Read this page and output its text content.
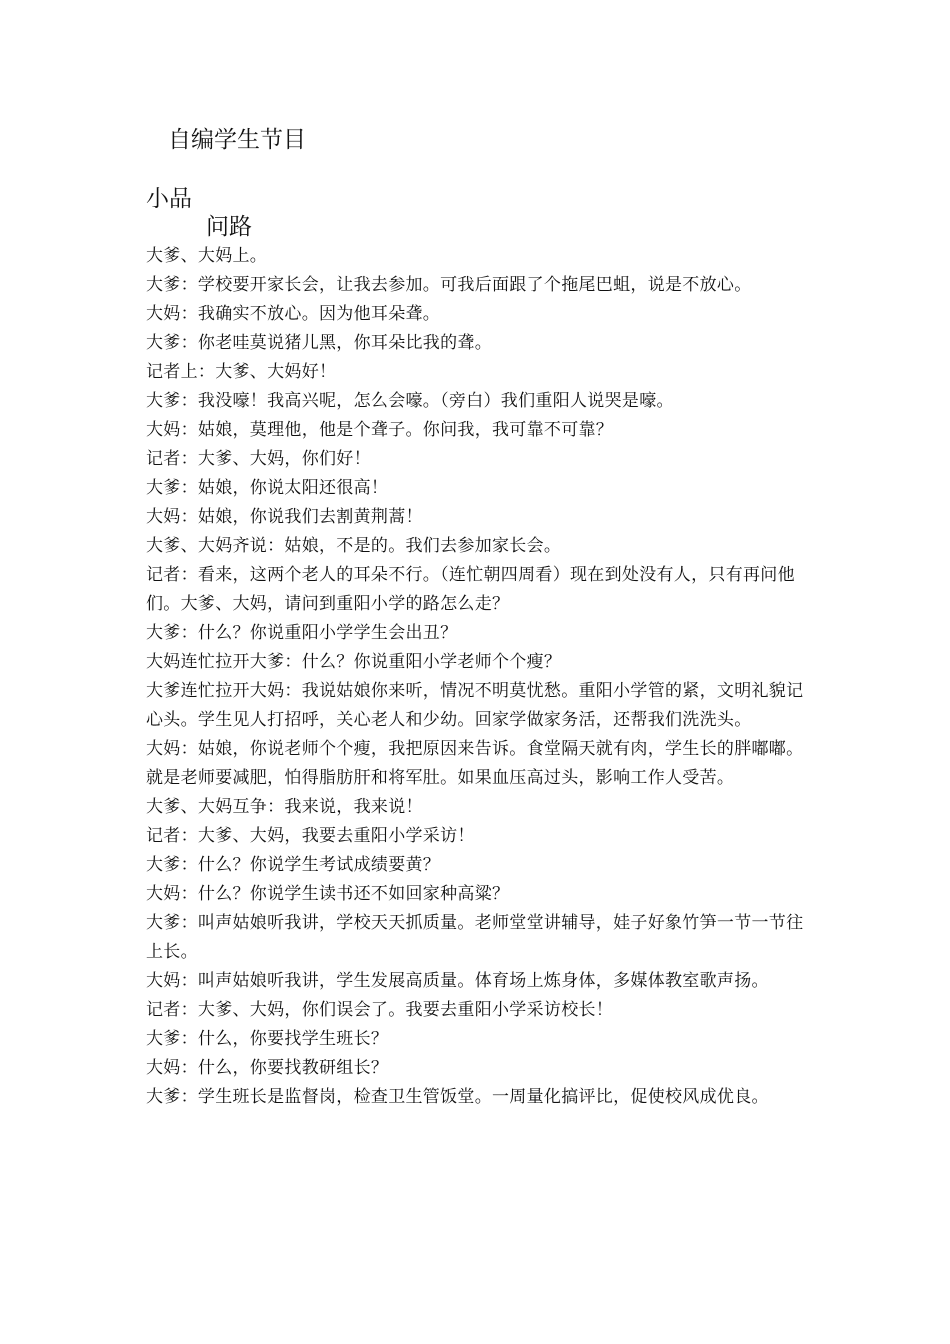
自编学生节目
小品
问路

大爹、大妈上。

大爹：学校要开家长会，让我去参加。可我后面跟了个拖尾巴蛆，说是不放心。

大妈：我确实不放心。因为他耳朵聋。

大爹：你老哇莫说猪儿黑，你耳朵比我的聋。

记者上：大爹、大妈好！

大爹：我没嚎！我高兴呢，怎么会嚎。（旁白）我们重阳人说哭是嚎。

大妈：姑娘，莫理他，他是个聋子。你问我，我可靠不可靠？

记者：大爹、大妈，你们好！

大爹：姑娘，你说太阳还很高！

大妈：姑娘，你说我们去割黄荆蒿！

大爹、大妈齐说：姑娘，不是的。我们去参加家长会。

记者：看来，这两个老人的耳朵不行。（连忙朝四周看）现在到处没有人，只有再问他们。大爹、大妈，请问到重阳小学的路怎么走？

大爹：什么？你说重阳小学学生会出丑？

大妈连忙拉开大爹：什么？你说重阳小学老师个个瘦？

大爹连忙拉开大妈：我说姑娘你来听，情况不明莫忧愁。重阳小学管的紧，文明礼貌记心头。学生见人打招呼，关心老人和少幼。回家学做家务活，还帮我们洗洗头。

大妈：姑娘，你说老师个个瘦，我把原因来告诉。食堂隔天就有肉，学生长的胖嘟嘟。就是老师要减肥，怕得脂肪肝和将军肚。如果血压高过头，影响工作人受苦。

大爹、大妈互争：我来说，我来说！

记者：大爹、大妈，我要去重阳小学采访！

大爹：什么？你说学生考试成绩要黄？

大妈：什么？你说学生读书还不如回家种高粱？

大爹：叫声姑娘听我讲，学校天天抓质量。老师堂堂讲辅导，娃子好象竹笋一节一节往上长。

大妈：叫声姑娘听我讲，学生发展高质量。体育场上炼身体，多媒体教室歌声扬。

记者：大爹、大妈，你们误会了。我要去重阳小学采访校长！

大爹：什么，你要找学生班长？

大妈：什么，你要找教研组长？

大爹：学生班长是监督岗，检查卫生管饭堂。一周量化搞评比，促使校风成优良。
